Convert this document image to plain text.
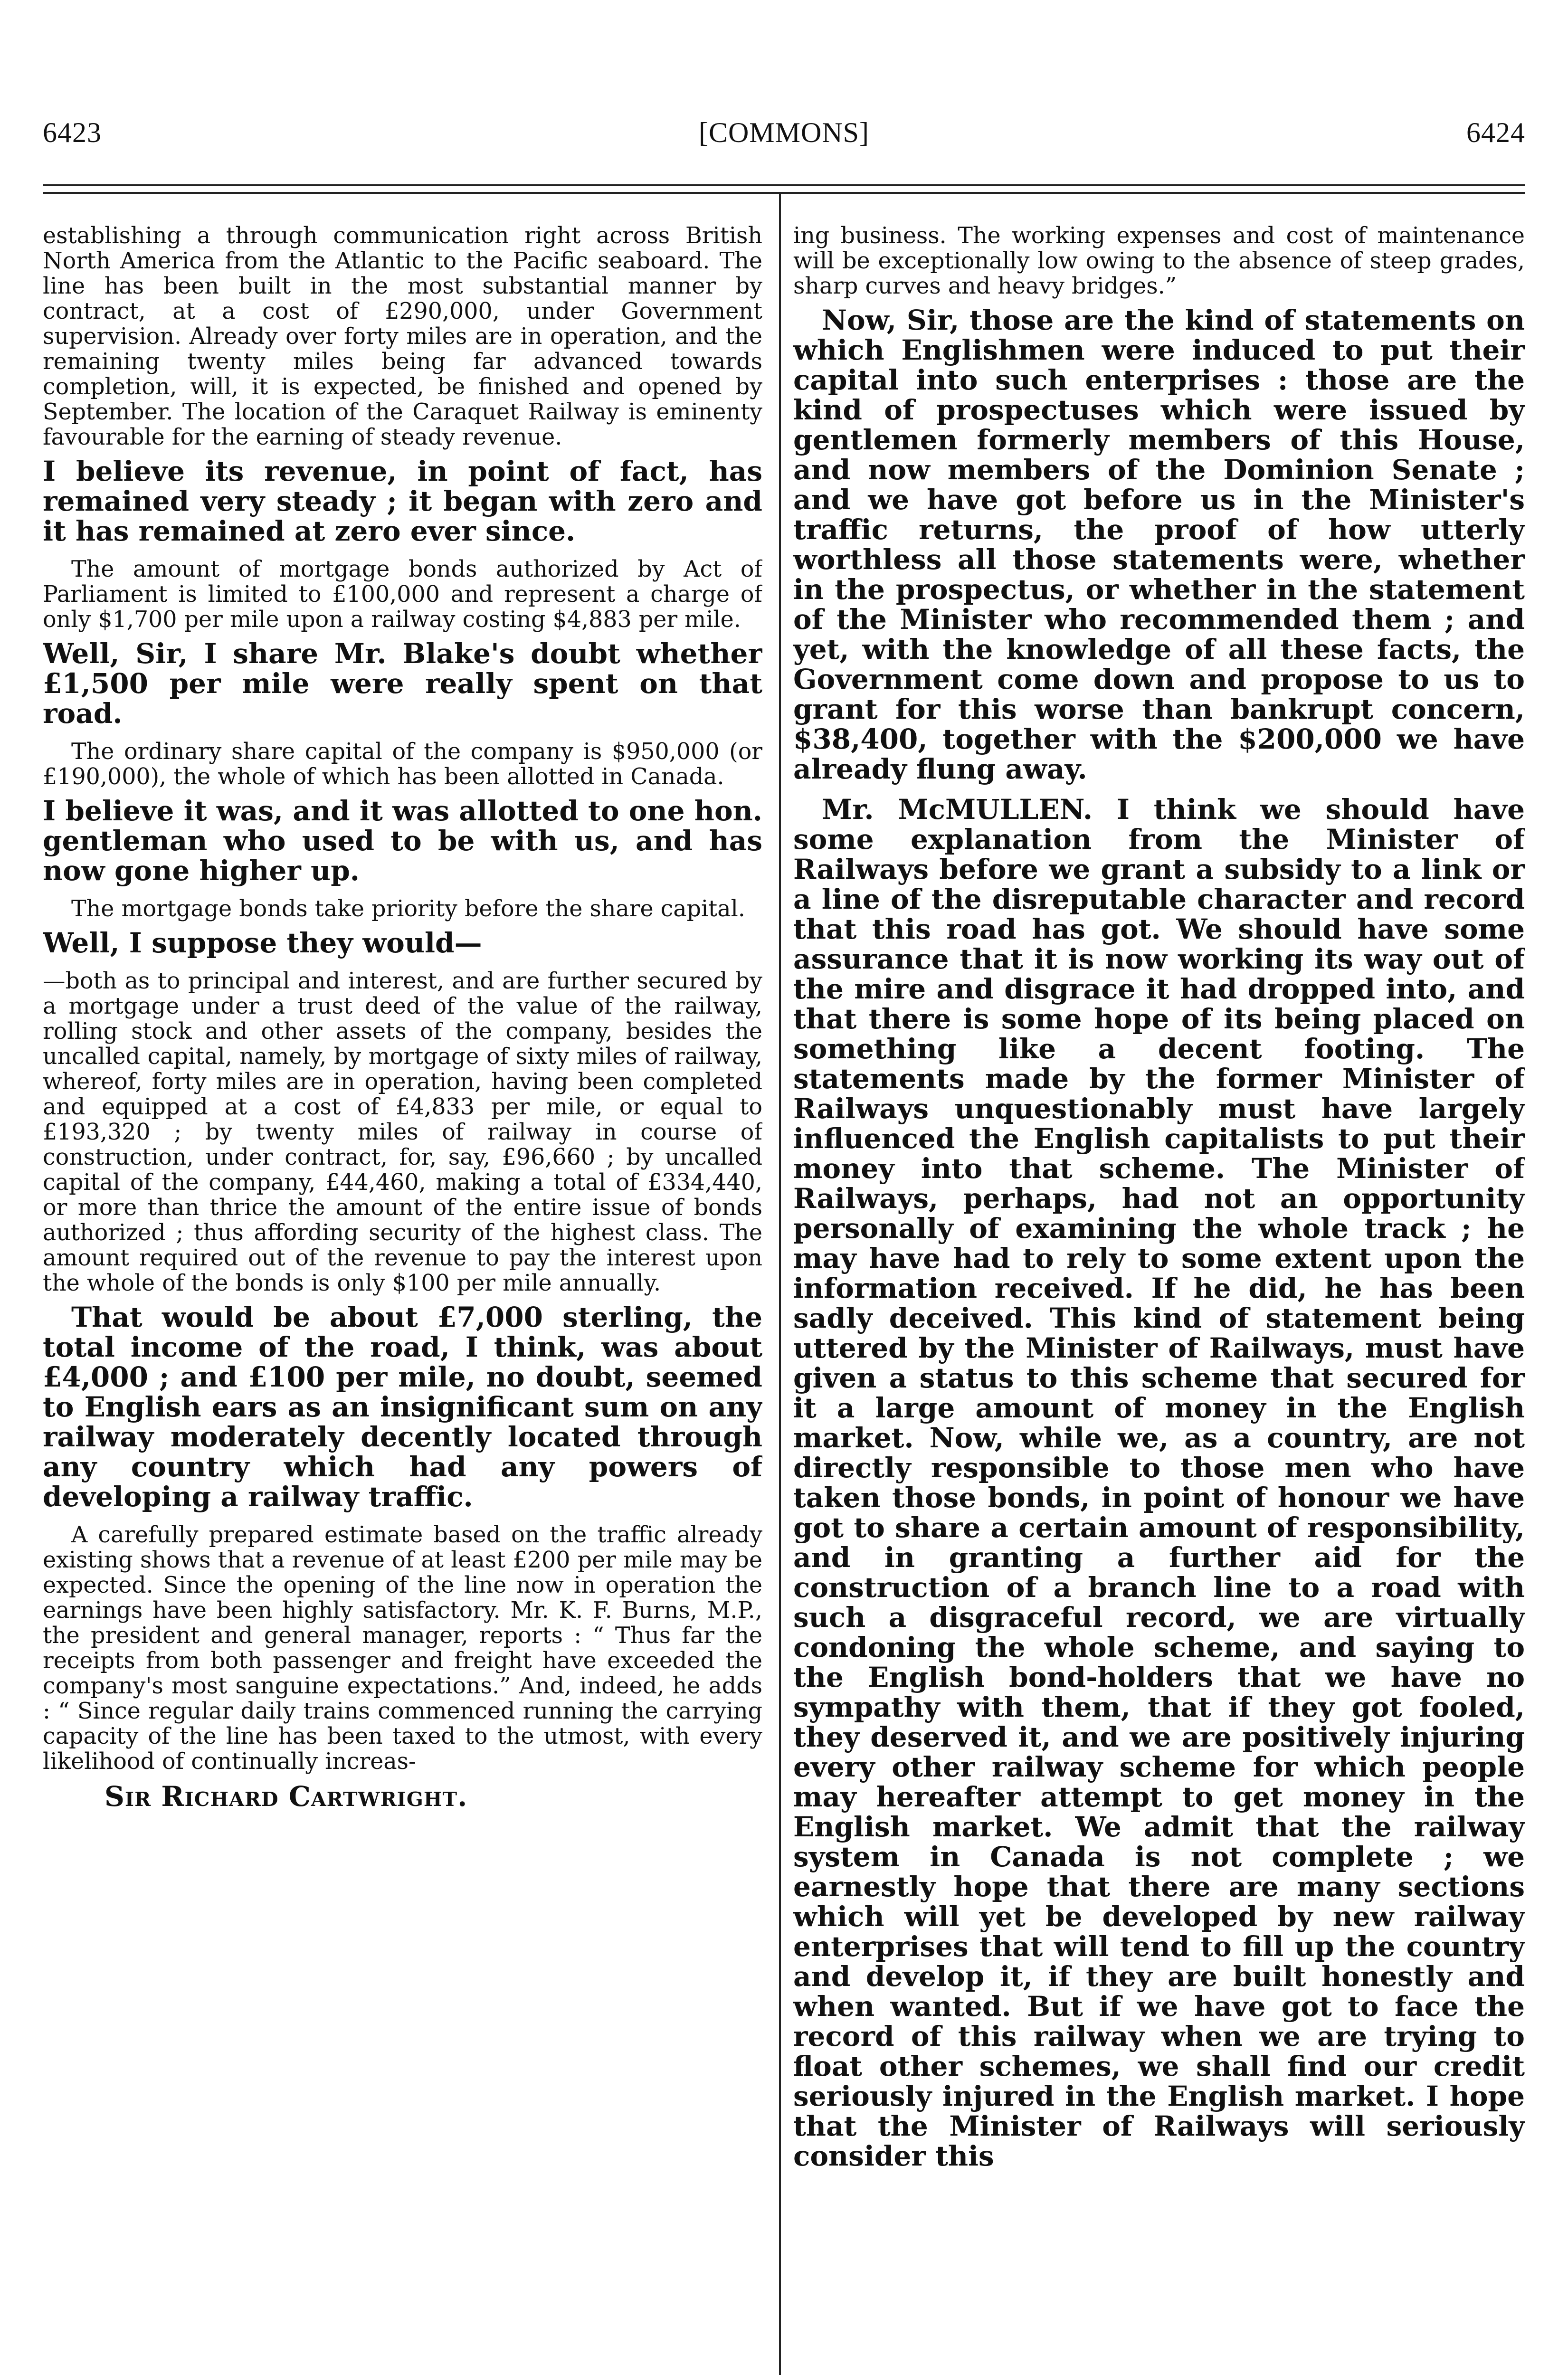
6423	[COMMONS]	6424

establishing a through communication right across British North America from the Atlantic to the Pacific seaboard. The line has been built in the most substantial manner by contract, at a cost of £290,000, under Government supervision. Already over forty miles are in operation, and the remaining twenty miles being far advanced towards completion, will, it is expected, be finished and opened by September. The location of the Caraquet Railway is eminenty favourable for the earning of steady revenue.

I believe its revenue, in point of fact, has remained very steady ; it began with zero and it has remained at zero ever since.

The amount of mortgage bonds authorized by Act of Parliament is limited to £100,000 and represent a charge of only $1,700 per mile upon a railway costing $4,883 per mile.

Well, Sir, I share Mr. Blake's doubt whether £1,500 per mile were really spent on that road.

The ordinary share capital of the company is $950,000 (or £190,000), the whole of which has been allotted in Canada.

I believe it was, and it was allotted to one hon. gentleman who used to be with us, and has now gone higher up.

The mortgage bonds take priority before the share capital.

Well, I suppose they would—

—both as to principal and interest, and are further secured by a mortgage under a trust deed of the value of the railway, rolling stock and other assets of the company, besides the uncalled capital, namely, by mortgage of sixty miles of railway, whereof, forty miles are in operation, having been completed and equipped at a cost of £4,833 per mile, or equal to £193,320 ; by twenty miles of railway in course of construction, under contract, for, say, £96,660 ; by uncalled capital of the company, £44,460, making a total of £334,440, or more than thrice the amount of the entire issue of bonds authorized ; thus affording security of the highest class. The amount required out of the revenue to pay the interest upon the whole of the bonds is only $100 per mile annually.

That would be about £7,000 sterling, the total income of the road, I think, was about £4,000 ; and £100 per mile, no doubt, seemed to English ears as an insignificant sum on any railway moderately decently located through any country which had any powers of developing a railway traffic.

A carefully prepared estimate based on the traffic already existing shows that a revenue of at least £200 per mile may be expected. Since the opening of the line now in operation the earnings have been highly satisfactory. Mr. K. F. Burns, M.P., the president and general manager, reports : “ Thus far the receipts from both passenger and freight have exceeded the company's most sanguine expectations.” And, indeed, he adds : “ Since regular daily trains commenced running the carrying capacity of the line has been taxed to the utmost, with every likelihood of continually increas-

Sir Richard Cartwright.

ing business. The working expenses and cost of maintenance will be exceptionally low owing to the absence of steep grades, sharp curves and heavy bridges.”

Now, Sir, those are the kind of statements on which Englishmen were induced to put their capital into such enterprises : those are the kind of prospectuses which were issued by gentlemen formerly members of this House, and now members of the Dominion Senate ; and we have got before us in the Minister's traffic returns, the proof of how utterly worthless all those statements were, whether in the prospectus, or whether in the statement of the Minister who recommended them ; and yet, with the knowledge of all these facts, the Government come down and propose to us to grant for this worse than bankrupt concern, $38,400, together with the $200,000 we have already flung away.

Mr. McMULLEN. I think we should have some explanation from the Minister of Railways before we grant a subsidy to a link or a line of the disreputable character and record that this road has got. We should have some assurance that it is now working its way out of the mire and disgrace it had dropped into, and that there is some hope of its being placed on something like a decent footing. The statements made by the former Minister of Railways unquestionably must have largely influenced the English capitalists to put their money into that scheme. The Minister of Railways, perhaps, had not an opportunity personally of examining the whole track ; he may have had to rely to some extent upon the information received. If he did, he has been sadly deceived. This kind of statement being uttered by the Minister of Railways, must have given a status to this scheme that secured for it a large amount of money in the English market. Now, while we, as a country, are not directly responsible to those men who have taken those bonds, in point of honour we have got to share a certain amount of responsibility, and in granting a further aid for the construction of a branch line to a road with such a disgraceful record, we are virtually condoning the whole scheme, and saying to the English bond-holders that we have no sympathy with them, that if they got fooled, they deserved it, and we are positively injuring every other railway scheme for which people may hereafter attempt to get money in the English market. We admit that the railway system in Canada is not complete ; we earnestly hope that there are many sections which will yet be developed by new railway enterprises that will tend to fill up the country and develop it, if they are built honestly and when wanted. But if we have got to face the record of this railway when we are trying to float other schemes, we shall find our credit seriously injured in the English market. I hope that the Minister of Railways will seriously consider this
